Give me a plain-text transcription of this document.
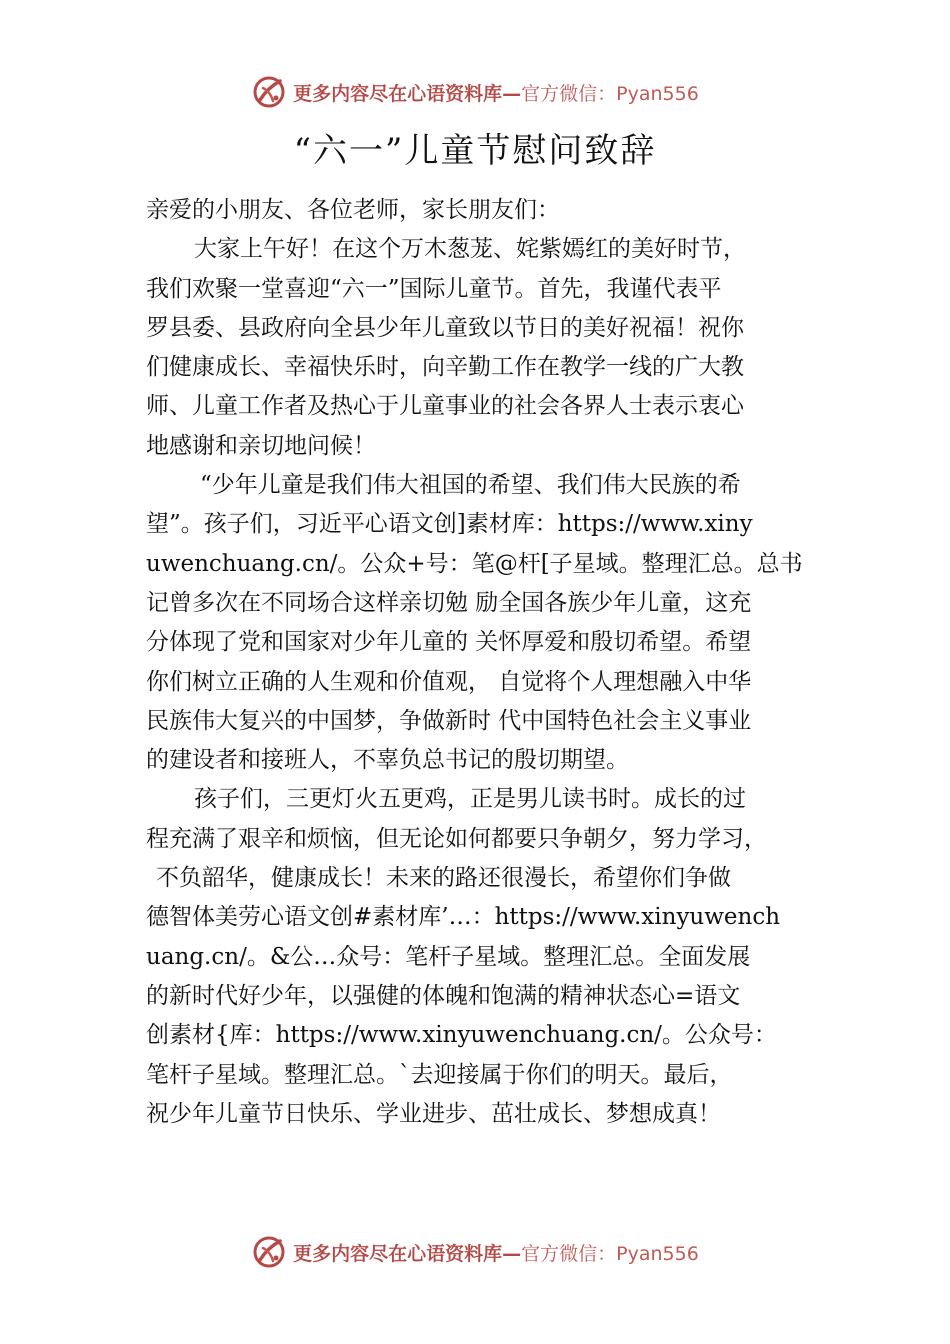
更多内容尽在心语资料库—官方微信：Pyan556
“六一”儿童节慰问致辞
亲爱的小朋友、各位老师，家长朋友们：
大家上午好！在这个万木葱茏、姹紫嫣红的美好时节，
我们欢聚一堂喜迎“六一”国际儿童节。首先，我谨代表平
罗县委、县政府向全县少年儿童致以节日的美好祝福！祝你
们健康成长、幸福快乐时，向辛勤工作在教学一线的广大教
师、儿童工作者及热心于儿童事业的社会各界人士表示衷心
地感谢和亲切地问候！
“少年儿童是我们伟大祖国的希望、我们伟大民族的希
望”。孩子们，习近平心语文创]素材库：https://www.xiny
uwenchuang.cn/。公众+号：笔@杆[子星域。整理汇总。总书
记曾多次在不同场合这样亲切勉 励全国各族少年儿童，这充
分体现了党和国家对少年儿童的 关怀厚爱和殷切希望。希望
你们树立正确的人生观和价值观， 自觉将个人理想融入中华
民族伟大复兴的中国梦，争做新时 代中国特色社会主义事业
的建设者和接班人，不辜负总书记的殷切期望。
孩子们，三更灯火五更鸡，正是男儿读书时。成长的过
程充满了艰辛和烦恼，但无论如何都要只争朝夕，努力学习，
不负韶华，健康成长！未来的路还很漫长，希望你们争做
德智体美劳心语文创#素材库’…：https://www.xinyuwench
uang.cn/。&公…众号：笔杆子星域。整理汇总。全面发展
的新时代好少年，以强健的体魄和饱满的精神状态心=语文
创素材{库：https://www.xinyuwenchuang.cn/。公众号：
笔杆子星域。整理汇总。`去迎接属于你们的明天。最后，
祝少年儿童节日快乐、学业进步、茁壮成长、梦想成真！
更多内容尽在心语资料库—官方微信：Pyan556
